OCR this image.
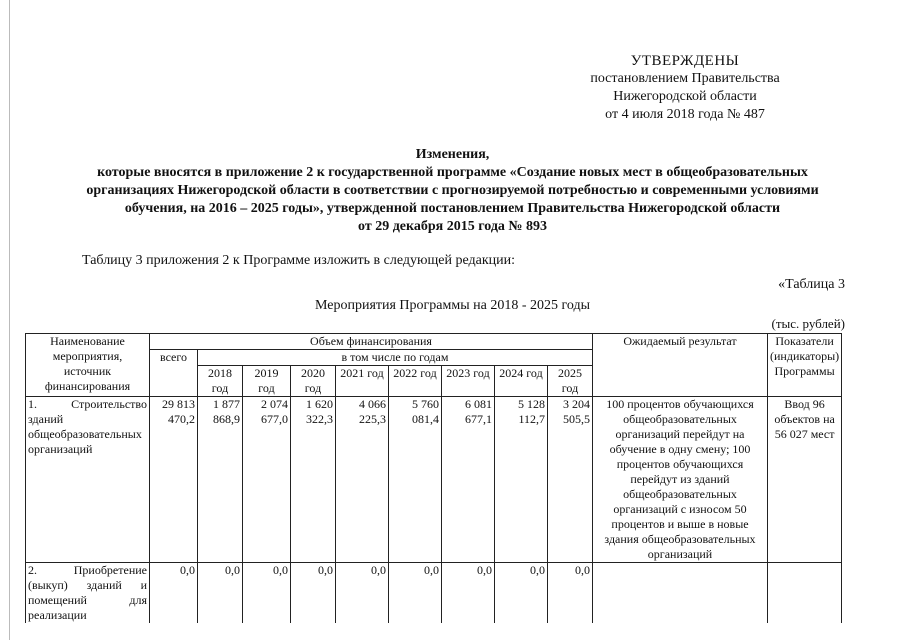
УТВЕРЖДЕНЫ
постановлением Правительства
Нижегородской области
от 4 июля 2018 года № 487
Изменения,
которые вносятся в приложение 2 к государственной программе «Создание новых мест в общеобразовательных
организациях Нижегородской области в соответствии с прогнозируемой потребностью и современными условиями
обучения, на 2016 – 2025 годы», утвержденной постановлением Правительства Нижегородской области
от 29 декабря 2015 года № 893
Таблицу 3 приложения 2 к Программе изложить в следующей редакции:
«Таблица 3
Мероприятия Программы на 2018 - 2025 годы
(тыс. рублей)
Наименование мероприятия, источник финансирования	Объем финансирования									Ожидаемый результат	Показатели (индикаторы) Программы
	всего	в том числе по годам									
		2018 год	2019 год	2020 год	2021 год	2022 год	2023 год	2024 год	2025 год		
1. Строительство зданий общеобразовательных организаций	29 813 470,2	1 877 868,9	2 074 677,0	1 620 322,3	4 066 225,3	5 760 081,4	6 081 677,1	5 128 112,7	3 204 505,5	100 процентов обучающихся общеобразовательных организаций перейдут на обучение в одну смену; 100 процентов обучающихся перейдут из зданий общеобразовательных организаций с износом 50 процентов и выше в новые здания общеобразовательных организаций	Ввод 96 объектов на 56 027 мест
2. Приобретение (выкуп) зданий и помещений для реализации	0,0	0,0	0,0	0,0	0,0	0,0	0,0	0,0	0,0		
